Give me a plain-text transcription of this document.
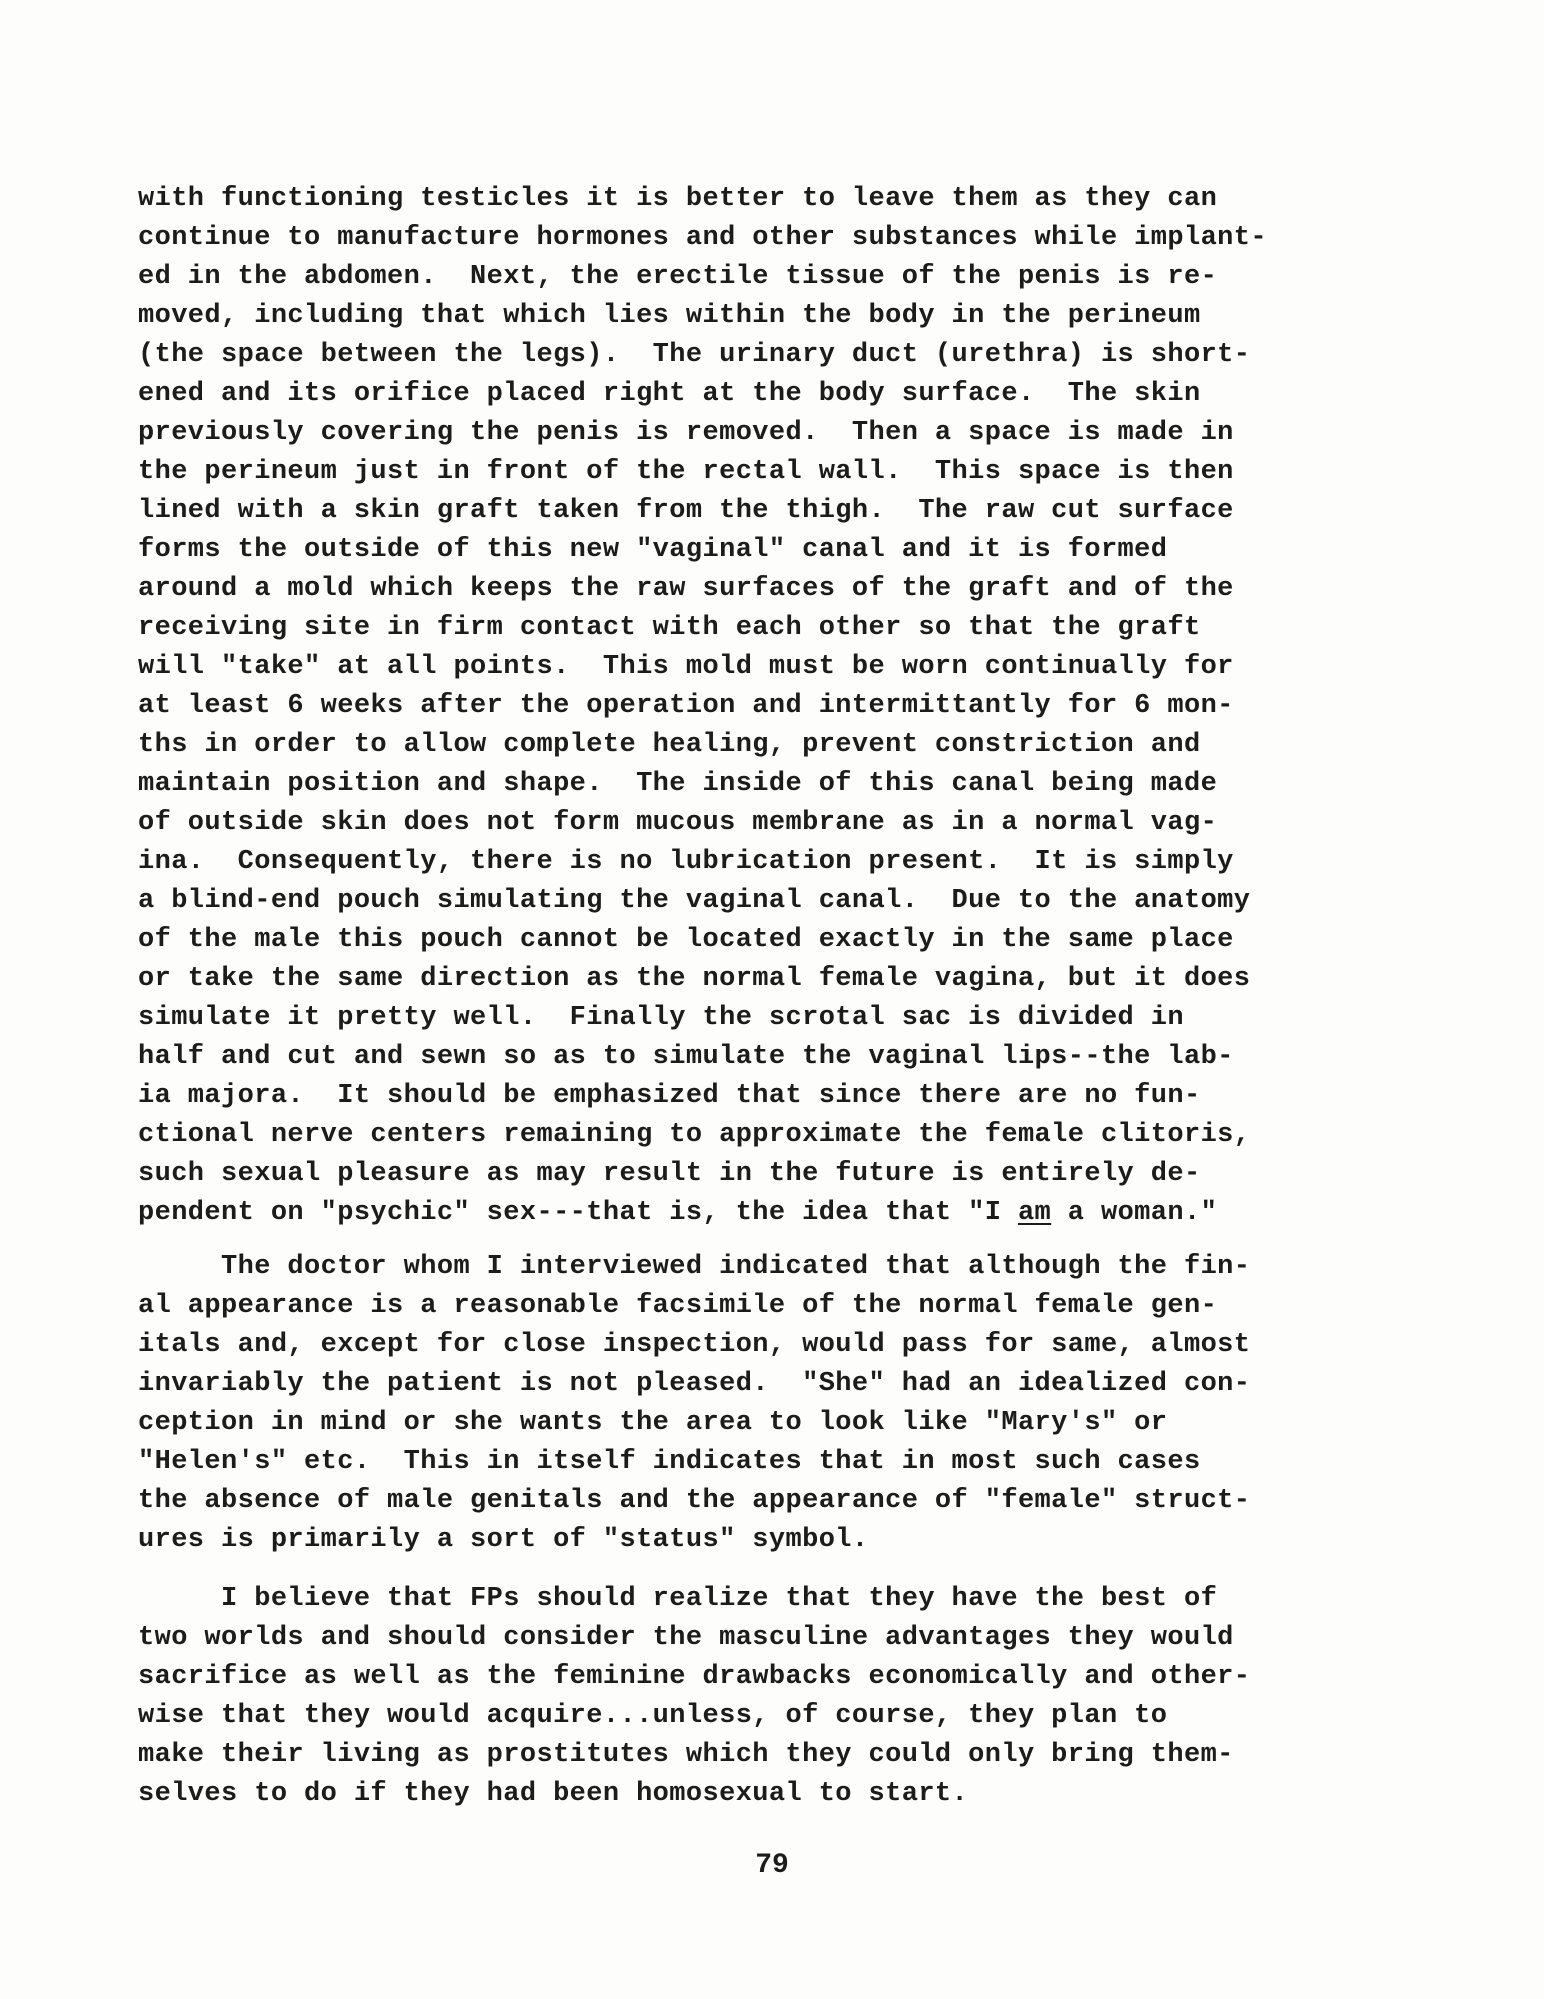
with functioning testicles it is better to leave them as they can
continue to manufacture hormones and other substances while implant-
ed in the abdomen.  Next, the erectile tissue of the penis is re-
moved, including that which lies within the body in the perineum
(the space between the legs).  The urinary duct (urethra) is short-
ened and its orifice placed right at the body surface.  The skin
previously covering the penis is removed.  Then a space is made in
the perineum just in front of the rectal wall.  This space is then
lined with a skin graft taken from the thigh.  The raw cut surface
forms the outside of this new "vaginal" canal and it is formed
around a mold which keeps the raw surfaces of the graft and of the
receiving site in firm contact with each other so that the graft
will "take" at all points.  This mold must be worn continually for
at least 6 weeks after the operation and intermittantly for 6 mon-
ths in order to allow complete healing, prevent constriction and
maintain position and shape.  The inside of this canal being made
of outside skin does not form mucous membrane as in a normal vag-
ina.  Consequently, there is no lubrication present.  It is simply
a blind-end pouch simulating the vaginal canal.  Due to the anatomy
of the male this pouch cannot be located exactly in the same place
or take the same direction as the normal female vagina, but it does
simulate it pretty well.  Finally the scrotal sac is divided in
half and cut and sewn so as to simulate the vaginal lips--the lab-
ia majora.  It should be emphasized that since there are no fun-
ctional nerve centers remaining to approximate the female clitoris,
such sexual pleasure as may result in the future is entirely de-
pendent on "psychic" sex---that is, the idea that "I am a woman."
The doctor whom I interviewed indicated that although the fin-
al appearance is a reasonable facsimile of the normal female gen-
itals and, except for close inspection, would pass for same, almost
invariably the patient is not pleased.  "She" had an idealized con-
ception in mind or she wants the area to look like "Mary's" or
"Helen's" etc.  This in itself indicates that in most such cases
the absence of male genitals and the appearance of "female" struct-
ures is primarily a sort of "status" symbol.
I believe that FPs should realize that they have the best of
two worlds and should consider the masculine advantages they would
sacrifice as well as the feminine drawbacks economically and other-
wise that they would acquire...unless, of course, they plan to
make their living as prostitutes which they could only bring them-
selves to do if they had been homosexual to start.
79
